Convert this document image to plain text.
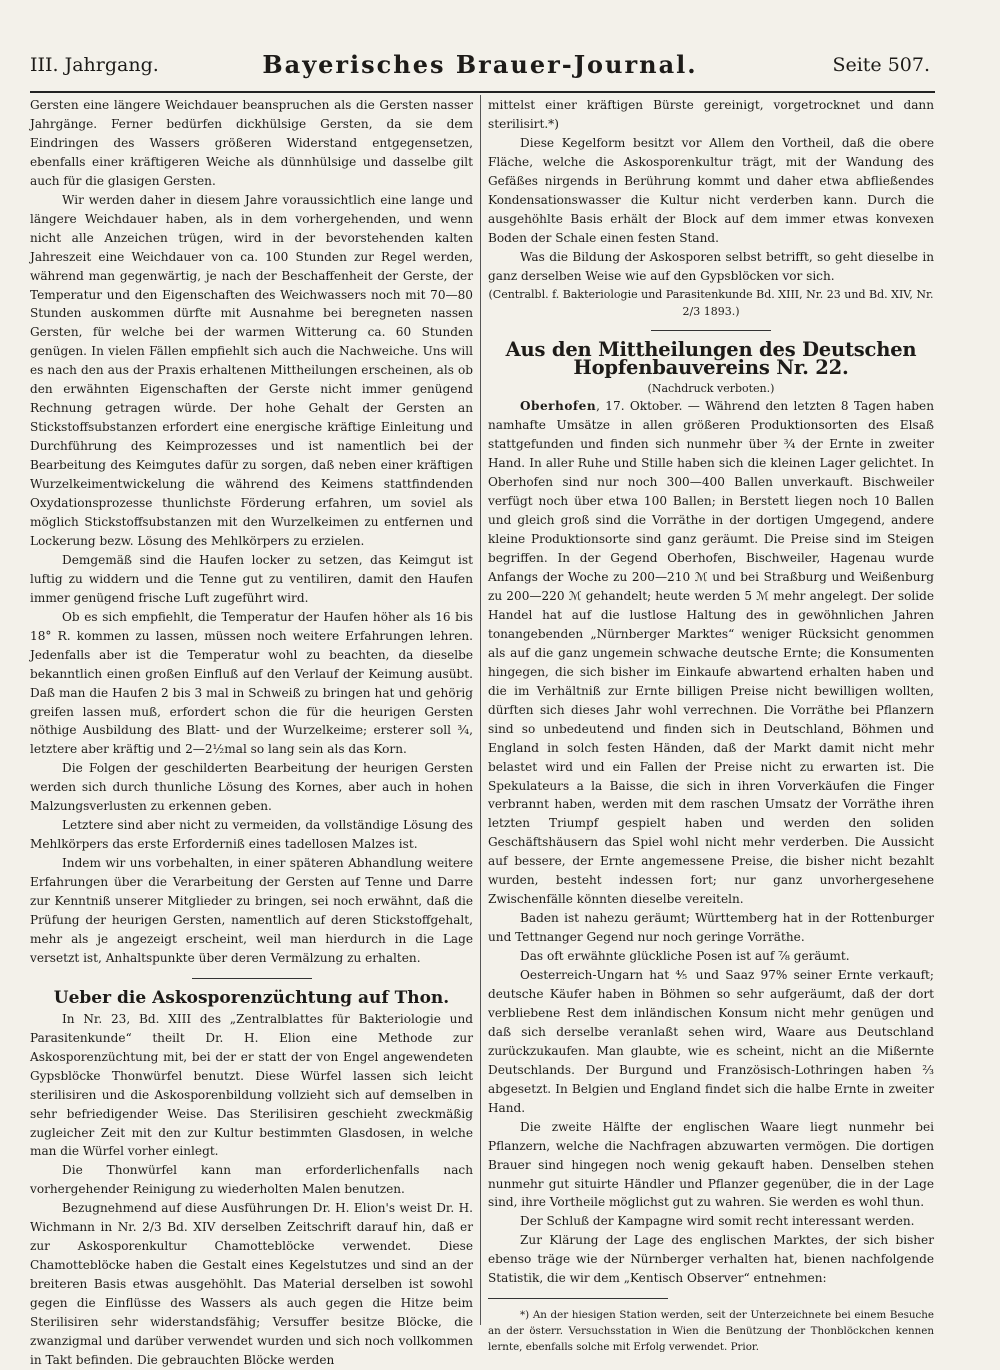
III. Jahrgang.	Bayerisches Brauer-Journal.	Seite 507.

Gersten eine längere Weichdauer beanspruchen als die Gersten nasser Jahrgänge. Ferner bedürfen dickhülsige Gersten, da sie dem Eindringen des Wassers größeren Widerstand entgegensetzen, ebenfalls einer kräftigeren Weiche als dünnhülsige und dasselbe gilt auch für die glasigen Gersten.

Wir werden daher in diesem Jahre voraussichtlich eine lange und längere Weichdauer haben, als in dem vorhergehenden, und wenn nicht alle Anzeichen trügen, wird in der bevorstehenden kalten Jahreszeit eine Weichdauer von ca. 100 Stunden zur Regel werden, während man gegenwärtig, je nach der Beschaffenheit der Gerste, der Temperatur und den Eigenschaften des Weichwassers noch mit 70—80 Stunden auskommen dürfte mit Ausnahme bei beregneten nassen Gersten, für welche bei der warmen Witterung ca. 60 Stunden genügen. In vielen Fällen empfiehlt sich auch die Nachweiche. Uns will es nach den aus der Praxis erhaltenen Mittheilungen erscheinen, als ob den erwähnten Eigenschaften der Gerste nicht immer genügend Rechnung getragen würde. Der hohe Gehalt der Gersten an Stickstoffsubstanzen erfordert eine energische kräftige Einleitung und Durchführung des Keimprozesses und ist namentlich bei der Bearbeitung des Keimgutes dafür zu sorgen, daß neben einer kräftigen Wurzelkeimentwickelung die während des Keimens stattfindenden Oxydationsprozesse thunlichste Förderung erfahren, um soviel als möglich Stickstoffsubstanzen mit den Wurzelkeimen zu entfernen und Lockerung bezw. Lösung des Mehlkörpers zu erzielen.

Demgemäß sind die Haufen locker zu setzen, das Keimgut ist luftig zu widdern und die Tenne gut zu ventiliren, damit den Haufen immer genügend frische Luft zugeführt wird.

Ob es sich empfiehlt, die Temperatur der Haufen höher als 16 bis 18° R. kommen zu lassen, müssen noch weitere Erfahrungen lehren. Jedenfalls aber ist die Temperatur wohl zu beachten, da dieselbe bekanntlich einen großen Einfluß auf den Verlauf der Keimung ausübt. Daß man die Haufen 2 bis 3 mal in Schweiß zu bringen hat und gehörig greifen lassen muß, erfordert schon die für die heurigen Gersten nöthige Ausbildung des Blatt- und der Wurzelkeime; ersterer soll ¾, letztere aber kräftig und 2—2½mal so lang sein als das Korn.

Die Folgen der geschilderten Bearbeitung der heurigen Gersten werden sich durch thunliche Lösung des Kornes, aber auch in hohen Malzungsverlusten zu erkennen geben.

Letztere sind aber nicht zu vermeiden, da vollständige Lösung des Mehlkörpers das erste Erforderniß eines tadellosen Malzes ist.

Indem wir uns vorbehalten, in einer späteren Abhandlung weitere Erfahrungen über die Verarbeitung der Gersten auf Tenne und Darre zur Kenntniß unserer Mitglieder zu bringen, sei noch erwähnt, daß die Prüfung der heurigen Gersten, namentlich auf deren Stickstoffgehalt, mehr als je angezeigt erscheint, weil man hierdurch in die Lage versetzt ist, Anhaltspunkte über deren Vermälzung zu erhalten.

Ueber die Askosporenzüchtung auf Thon.

In Nr. 23, Bd. XIII des „Zentralblattes für Bakteriologie und Parasitenkunde“ theilt Dr. H. Elion eine Methode zur Askosporenzüchtung mit, bei der er statt der von Engel angewendeten Gypsblöcke Thonwürfel benutzt. Diese Würfel lassen sich leicht sterilisiren und die Askosporenbildung vollzieht sich auf demselben in sehr befriedigender Weise. Das Sterilisiren geschieht zweckmäßig zugleicher Zeit mit den zur Kultur bestimmten Glasdosen, in welche man die Würfel vorher einlegt.

Die Thonwürfel kann man erforderlichenfalls nach vorhergehender Reinigung zu wiederholten Malen benutzen.

Bezugnehmend auf diese Ausführungen Dr. H. Elion's weist Dr. H. Wichmann in Nr. 2/3 Bd. XIV derselben Zeitschrift darauf hin, daß er zur Askosporenkultur Chamotteblöcke verwendet. Diese Chamotteblöcke haben die Gestalt eines Kegelstutzes und sind an der breiteren Basis etwas ausgehöhlt. Das Material derselben ist sowohl gegen die Einflüsse des Wassers als auch gegen die Hitze beim Sterilisiren sehr widerstandsfähig; Versuffer besitze Blöcke, die zwanzigmal und darüber verwendet wurden und sich noch vollkommen in Takt befinden. Die gebrauchten Blöcke werden

mittelst einer kräftigen Bürste gereinigt, vorgetrocknet und dann sterilisirt.*)

Diese Kegelform besitzt vor Allem den Vortheil, daß die obere Fläche, welche die Askosporenkultur trägt, mit der Wandung des Gefäßes nirgends in Berührung kommt und daher etwa abfließendes Kondensationswasser die Kultur nicht verderben kann. Durch die ausgehöhlte Basis erhält der Block auf dem immer etwas konvexen Boden der Schale einen festen Stand.

Was die Bildung der Askosporen selbst betrifft, so geht dieselbe in ganz derselben Weise wie auf den Gypsblöcken vor sich.

(Centralbl. f. Bakteriologie und Parasitenkunde Bd. XIII, Nr. 23 und Bd. XIV, Nr. 2/3 1893.)

Aus den Mittheilungen des Deutschen Hopfenbauvereins Nr. 22.

(Nachdruck verboten.)

Oberhofen, 17. Oktober. — Während den letzten 8 Tagen haben namhafte Umsätze in allen größeren Produktionsorten des Elsaß stattgefunden und finden sich nunmehr über ¾ der Ernte in zweiter Hand. In aller Ruhe und Stille haben sich die kleinen Lager gelichtet. In Oberhofen sind nur noch 300—400 Ballen unverkauft. Bischweiler verfügt noch über etwa 100 Ballen; in Berstett liegen noch 10 Ballen und gleich groß sind die Vorräthe in der dortigen Umgegend, andere kleine Produktionsorte sind ganz geräumt. Die Preise sind im Steigen begriffen. In der Gegend Oberhofen, Bischweiler, Hagenau wurde Anfangs der Woche zu 200—210 ℳ und bei Straßburg und Weißenburg zu 200—220 ℳ gehandelt; heute werden 5 ℳ mehr angelegt. Der solide Handel hat auf die lustlose Haltung des in gewöhnlichen Jahren tonangebenden „Nürnberger Marktes“ weniger Rücksicht genommen als auf die ganz ungemein schwache deutsche Ernte; die Konsumenten hingegen, die sich bisher im Einkaufe abwartend erhalten haben und die im Verhältniß zur Ernte billigen Preise nicht bewilligen wollten, dürften sich dieses Jahr wohl verrechnen. Die Vorräthe bei Pflanzern sind so unbedeutend und finden sich in Deutschland, Böhmen und England in solch festen Händen, daß der Markt damit nicht mehr belastet wird und ein Fallen der Preise nicht zu erwarten ist. Die Spekulateurs a la Baisse, die sich in ihren Vorverkäufen die Finger verbrannt haben, werden mit dem raschen Umsatz der Vorräthe ihren letzten Triumpf gespielt haben und werden den soliden Geschäftshäusern das Spiel wohl nicht mehr verderben. Die Aussicht auf bessere, der Ernte angemessene Preise, die bisher nicht bezahlt wurden, besteht indessen fort; nur ganz unvorhergesehene Zwischenfälle könnten dieselbe vereiteln.

Baden ist nahezu geräumt; Württemberg hat in der Rottenburger und Tettnanger Gegend nur noch geringe Vorräthe.

Das oft erwähnte glückliche Posen ist auf ⅞ geräumt.

Oesterreich-Ungarn hat ⅘ und Saaz 97% seiner Ernte verkauft; deutsche Käufer haben in Böhmen so sehr aufgeräumt, daß der dort verbliebene Rest dem inländischen Konsum nicht mehr genügen und daß sich derselbe veranlaßt sehen wird, Waare aus Deutschland zurückzukaufen. Man glaubte, wie es scheint, nicht an die Mißernte Deutschlands. Der Burgund und Französisch-Lothringen haben ⅔ abgesetzt. In Belgien und England findet sich die halbe Ernte in zweiter Hand.

Die zweite Hälfte der englischen Waare liegt nunmehr bei Pflanzern, welche die Nachfragen abzuwarten vermögen. Die dortigen Brauer sind hingegen noch wenig gekauft haben. Denselben stehen nunmehr gut situirte Händler und Pflanzer gegenüber, die in der Lage sind, ihre Vortheile möglichst gut zu wahren. Sie werden es wohl thun.

Der Schluß der Kampagne wird somit recht interessant werden.

Zur Klärung der Lage des englischen Marktes, der sich bisher ebenso träge wie der Nürnberger verhalten hat, bienen nachfolgende Statistik, die wir dem „Kentisch Observer“ entnehmen:

*) An der hiesigen Station werden, seit der Unterzeichnete bei einem Besuche an der österr. Versuchsstation in Wien die Benützung der Thonblöckchen kennen lernte, ebenfalls solche mit Erfolg verwendet. Prior.
